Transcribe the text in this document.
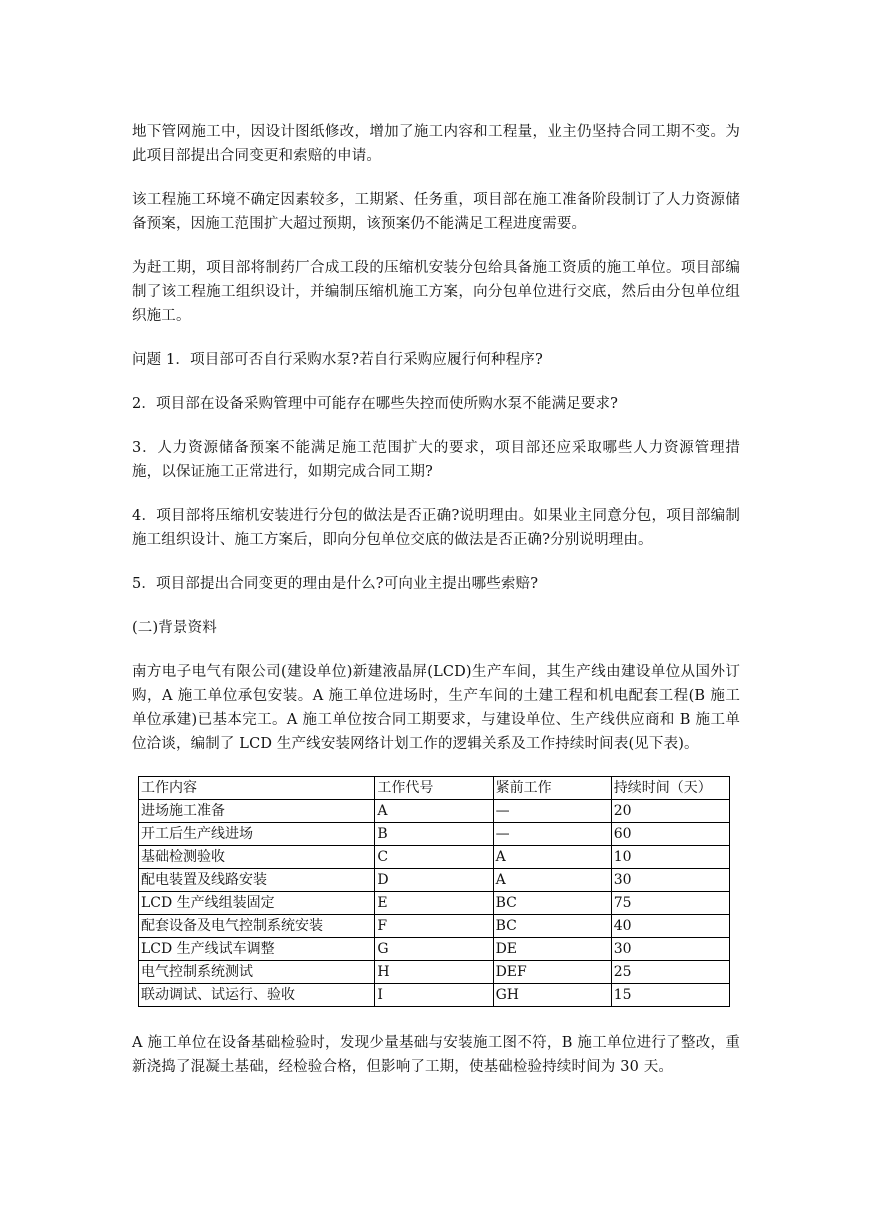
地下管网施工中，因设计图纸修改，增加了施工内容和工程量，业主仍坚持合同工期不变。为此项目部提出合同变更和索赔的申请。

该工程施工环境不确定因素较多，工期紧、任务重，项目部在施工准备阶段制订了人力资源储备预案，因施工范围扩大超过预期，该预案仍不能满足工程进度需要。

为赶工期，项目部将制药厂合成工段的压缩机安装分包给具备施工资质的施工单位。项目部编制了该工程施工组织设计，并编制压缩机施工方案，向分包单位进行交底，然后由分包单位组织施工。

问题 1．项目部可否自行采购水泵?若自行采购应履行何种程序?

2．项目部在设备采购管理中可能存在哪些失控而使所购水泵不能满足要求?

3．人力资源储备预案不能满足施工范围扩大的要求，项目部还应采取哪些人力资源管理措施，以保证施工正常进行，如期完成合同工期?

4．项目部将压缩机安装进行分包的做法是否正确?说明理由。如果业主同意分包，项目部编制施工组织设计、施工方案后，即向分包单位交底的做法是否正确?分别说明理由。

5．项目部提出合同变更的理由是什么?可向业主提出哪些索赔?

(二)背景资料

南方电子电气有限公司(建设单位)新建液晶屏(LCD)生产车间，其生产线由建设单位从国外订购，A 施工单位承包安装。A 施工单位进场时，生产车间的土建工程和机电配套工程(B 施工单位承建)已基本完工。A 施工单位按合同工期要求，与建设单位、生产线供应商和 B 施工单位洽谈，编制了 LCD 生产线安装网络计划工作的逻辑关系及工作持续时间表(见下表)。

工作内容	工作代号	紧前工作	持续时间（天）
进场施工准备	A	—	20
开工后生产线进场	B	—	60
基础检测验收	C	A	10
配电装置及线路安装	D	A	30
LCD 生产线组装固定	E	BC	75
配套设备及电气控制系统安装	F	BC	40
LCD 生产线试车调整	G	DE	30
电气控制系统测试	H	DEF	25
联动调试、试运行、验收	I	GH	15

A 施工单位在设备基础检验时，发现少量基础与安装施工图不符，B 施工单位进行了整改，重新浇捣了混凝土基础，经检验合格，但影响了工期，使基础检验持续时间为 30 天。
